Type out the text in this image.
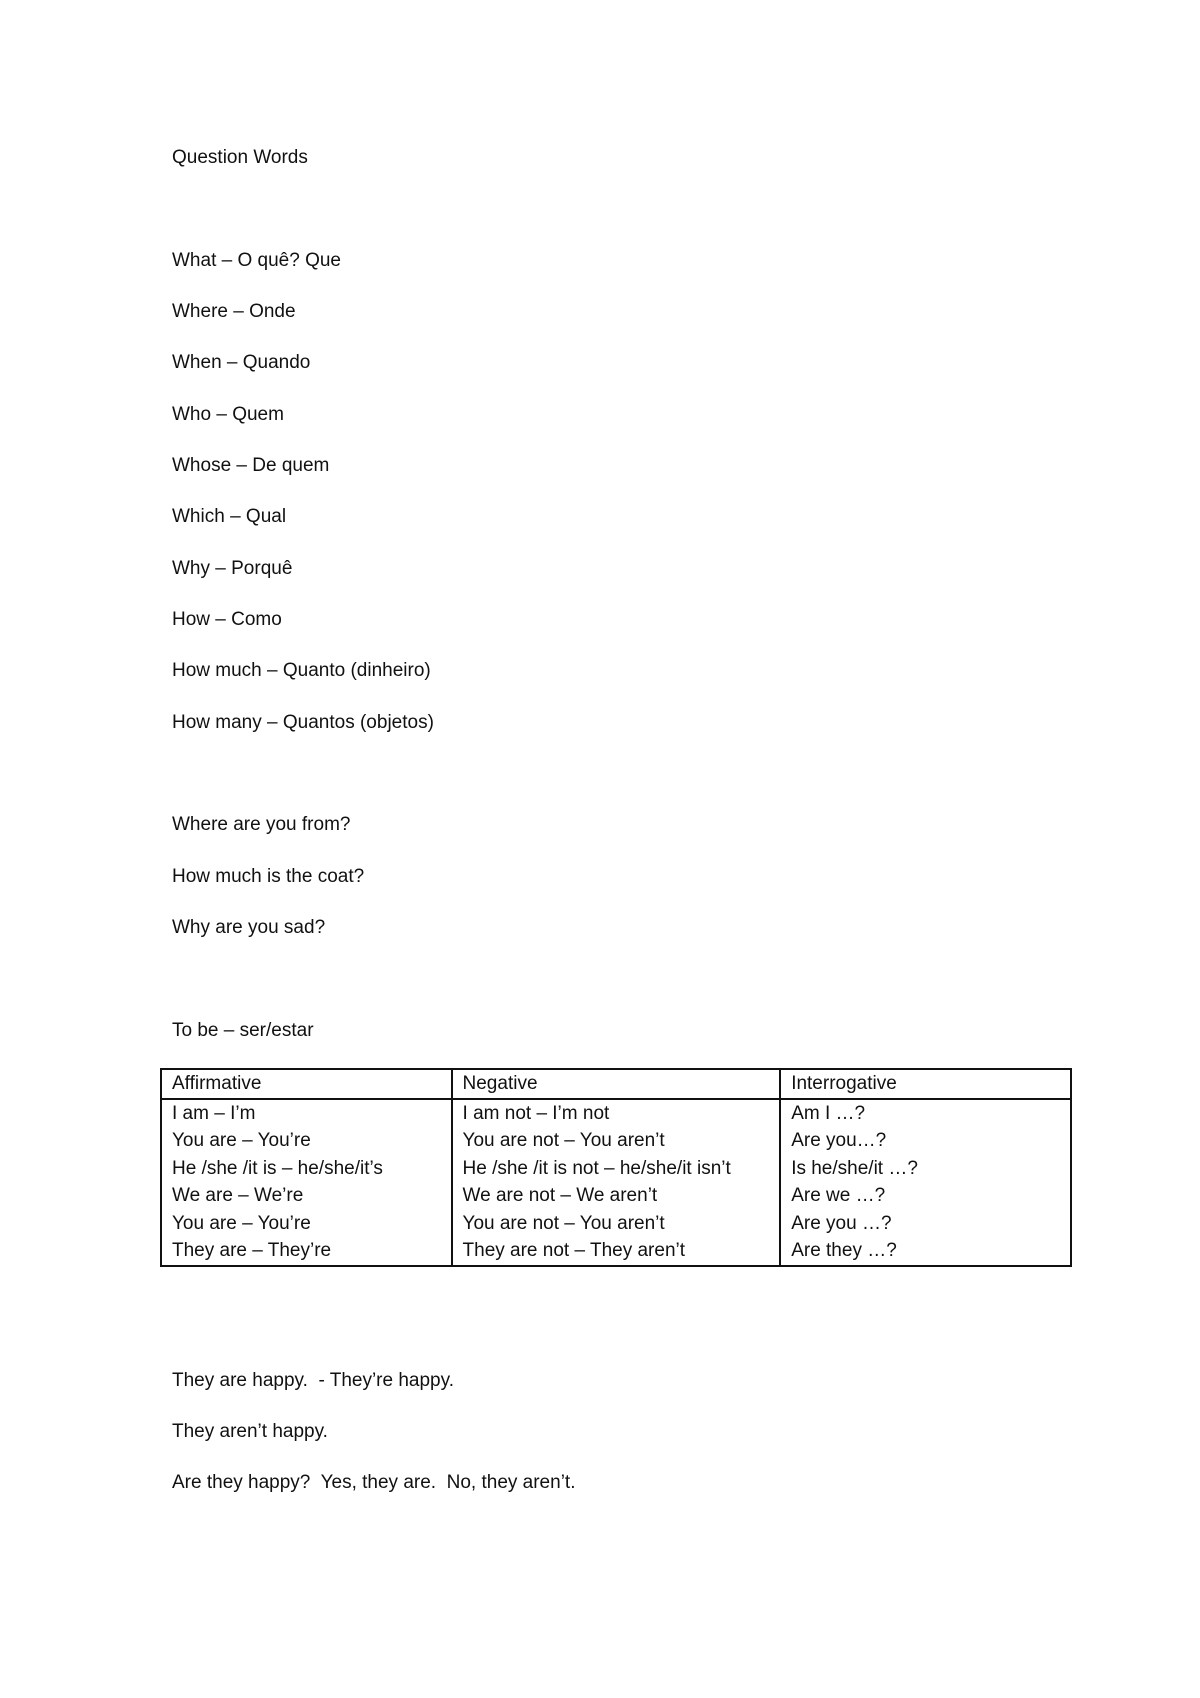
Question Words

What – O quê? Que

Where – Onde

When – Quando

Who – Quem

Whose – De quem

Which – Qual

Why – Porquê

How – Como

How much – Quanto (dinheiro)

How many – Quantos (objetos)

Where are you from?

How much is the coat?

Why are you sad?

To be – ser/estar

Affirmative	Negative	Interrogative
I am – I’m	I am not – I’m not	Am I …?
You are – You’re	You are not – You aren’t	Are you…?
He /she /it is – he/she/it’s	He /she /it is not – he/she/it isn’t	Is he/she/it …?
We are – We’re	We are not – We aren’t	Are we …?
You are – You’re	You are not – You aren’t	Are you …?
They are – They’re	They are not – They aren’t	Are they …?

They are happy.  - They’re happy.

They aren’t happy.

Are they happy?  Yes, they are.  No, they aren’t.
